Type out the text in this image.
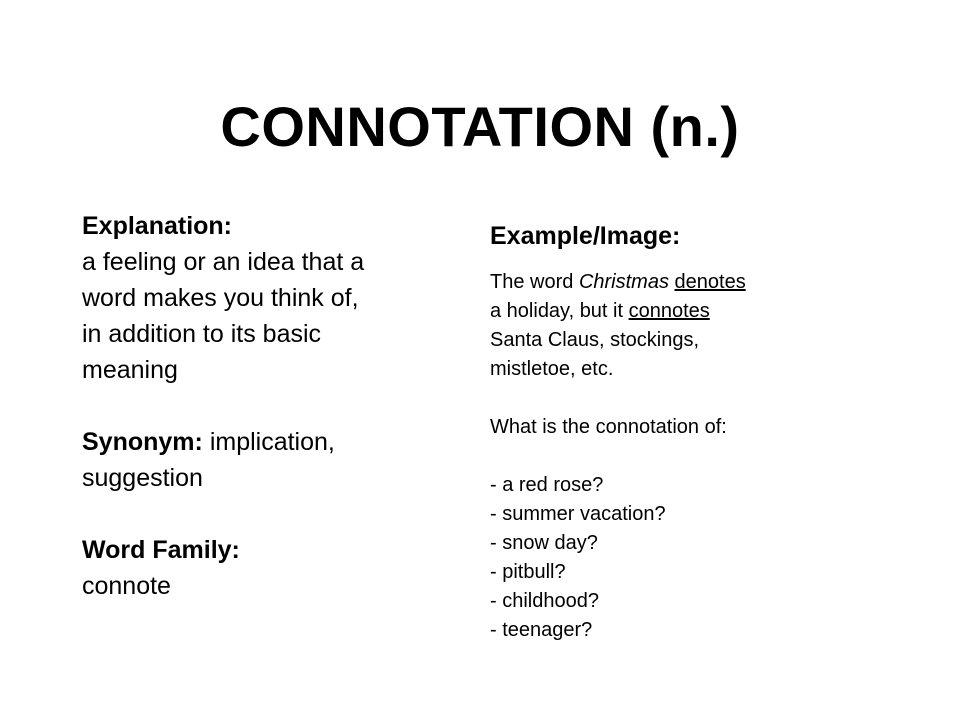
CONNOTATION (n.)
Explanation:
a feeling or an idea that a
word makes you think of,
in addition to its basic
meaning
Synonym: implication,
suggestion
Word Family:
connote
Example/Image:
The word Christmas denotes
a holiday, but it connotes
Santa Claus, stockings,
mistletoe, etc.
What is the connotation of:
- a red rose?
- summer vacation?
- snow day?
- pitbull?
- childhood?
- teenager?
